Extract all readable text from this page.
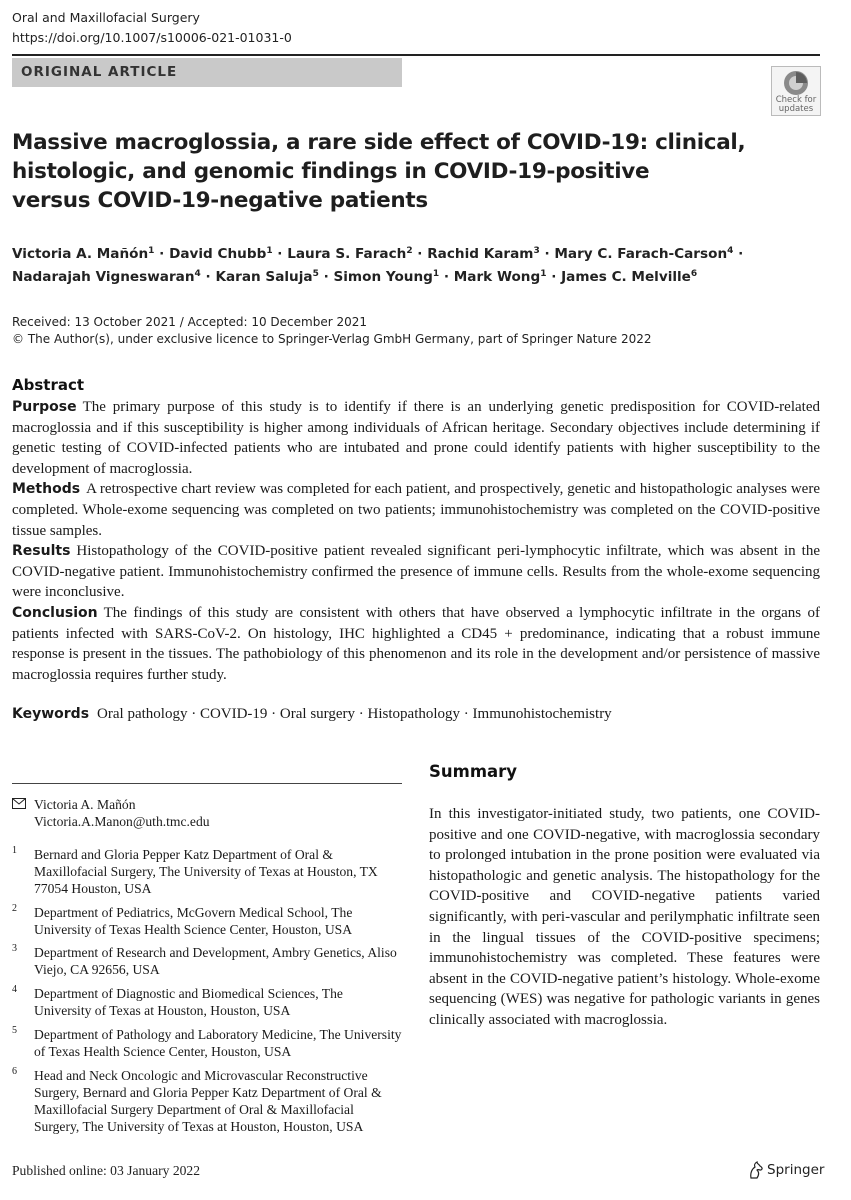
Oral and Maxillofacial Surgery
https://doi.org/10.1007/s10006-021-01031-0
ORIGINAL ARTICLE
Check for
updates
Massive macroglossia, a rare side effect of COVID-19: clinical,
histologic, and genomic findings in COVID-19-positive
versus COVID-19-negative patients
Victoria A. Mañón$^1$ · David Chubb$^1$ · Laura S. Farach$^2$ · Rachid Karam$^3$ · Mary C. Farach-Carson$^4$ ·
Nadarajah Vigneswaran$^4$ · Karan Saluja$^5$ · Simon Young$^1$ · Mark Wong$^1$ · James C. Melville$^6$
Received: 13 October 2021 / Accepted: 10 December 2021
© The Author(s), under exclusive licence to Springer-Verlag GmbH Germany, part of Springer Nature 2022
Abstract

Purpose The primary purpose of this study is to identify if there is an underlying genetic predisposition for COVID-related macroglossia and if this susceptibility is higher among individuals of African heritage. Secondary objectives include determining if genetic testing of COVID-infected patients who are intubated and prone could identify patients with higher susceptibility to the development of macroglossia.

Methods A retrospective chart review was completed for each patient, and prospectively, genetic and histopathologic analyses were completed. Whole-exome sequencing was completed on two patients; immunohistochemistry was completed on the COVID-positive tissue samples.

Results Histopathology of the COVID-positive patient revealed significant peri-lymphocytic infiltrate, which was absent in the COVID-negative patient. Immunohistochemistry confirmed the presence of immune cells. Results from the whole-exome sequencing were inconclusive.

Conclusion The findings of this study are consistent with others that have observed a lymphocytic infiltrate in the organs of patients infected with SARS-CoV-2. On histology, IHC highlighted a CD45 + predominance, indicating that a robust immune response is present in the tissues. The pathobiology of this phenomenon and its role in the development and/or persistence of massive macroglossia requires further study.

Keywords Oral pathology · COVID-19 · Oral surgery · Histopathology · Immunohistochemistry
Victoria A. Mañón
Victoria.A.Manon@uth.tmc.edu
1 Bernard and Gloria Pepper Katz Department of Oral & Maxillofacial Surgery, The University of Texas at Houston, TX 77054 Houston, USA
2 Department of Pediatrics, McGovern Medical School, The University of Texas Health Science Center, Houston, USA
3 Department of Research and Development, Ambry Genetics, Aliso Viejo, CA 92656, USA
4 Department of Diagnostic and Biomedical Sciences, The University of Texas at Houston, Houston, USA
5 Department of Pathology and Laboratory Medicine, The University of Texas Health Science Center, Houston, USA
6 Head and Neck Oncologic and Microvascular Reconstructive Surgery, Bernard and Gloria Pepper Katz Department of Oral & Maxillofacial Surgery Department of Oral & Maxillofacial Surgery, The University of Texas at Houston, Houston, USA
Summary
In this investigator-initiated study, two patients, one COVID-positive and one COVID-negative, with macroglossia secondary to prolonged intubation in the prone position were evaluated via histopathologic and genetic analysis. The histopathology for the COVID-positive and COVID-negative patients varied significantly, with peri-vascular and perilymphatic infiltrate seen in the lingual tissues of the COVID-positive specimens; immunohistochemistry was completed. These features were absent in the COVID-negative patient’s histology. Whole-exome sequencing (WES) was negative for pathologic variants in genes clinically associated with macroglossia.
Published online: 03 January 2022	Springer
